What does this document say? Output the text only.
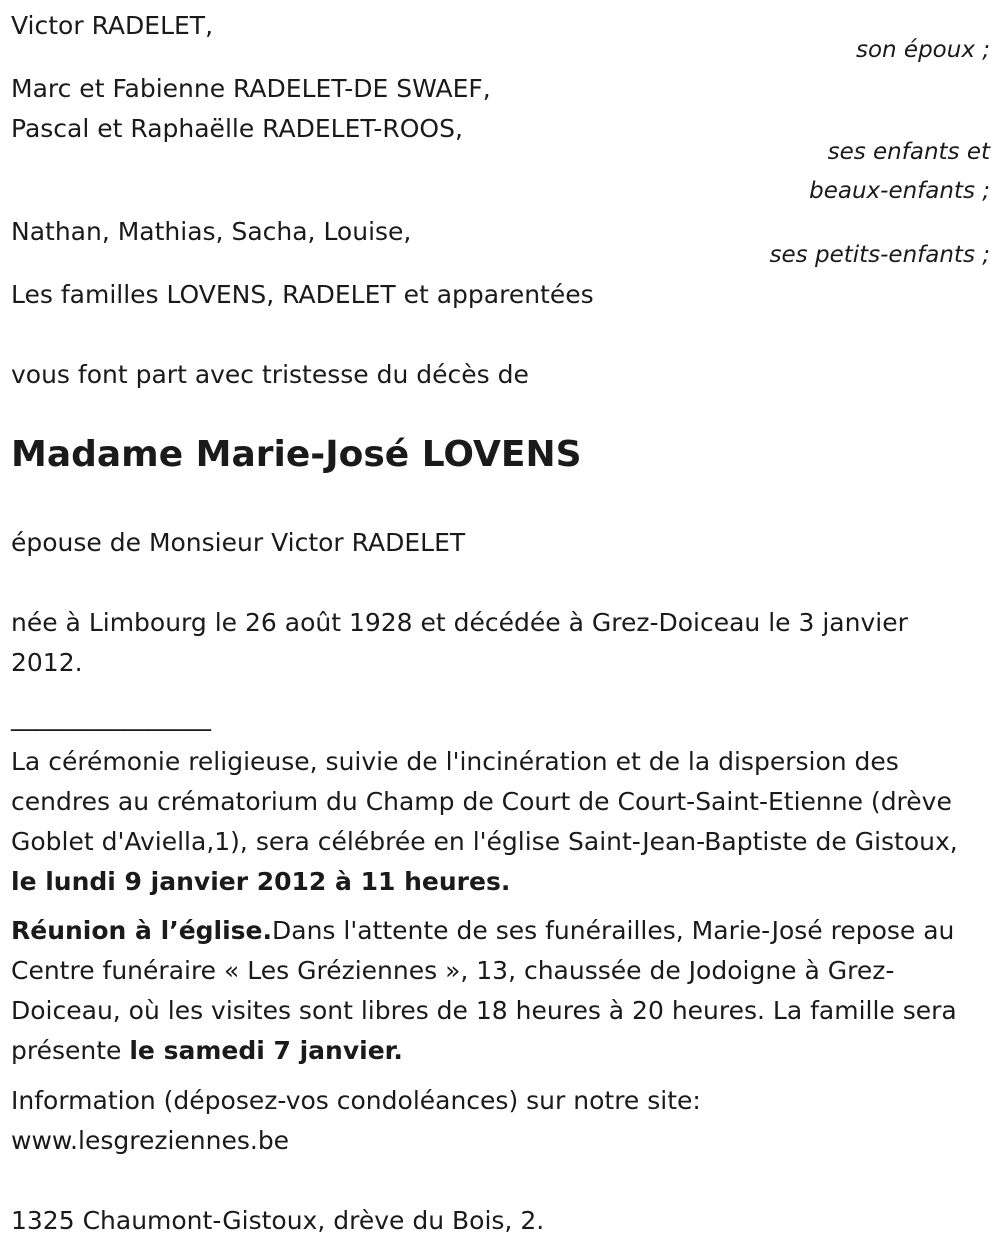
Victor RADELET,
son époux ;
Marc et Fabienne RADELET-DE SWAEF,
Pascal et Raphaëlle RADELET-ROOS,
ses enfants et
beaux-enfants ;
Nathan, Mathias, Sacha, Louise,
ses petits-enfants ;
Les familles LOVENS, RADELET et apparentées
vous font part avec tristesse du décès de
Madame Marie-José LOVENS
épouse de Monsieur Victor RADELET
née à Limbourg le 26 août 1928 et décédée à Grez-Doiceau le 3 janvier
2012.
________________
La cérémonie religieuse, suivie de l'incinération et de la dispersion des cendres au crématorium du Champ de Court de Court-Saint-Etienne (drève Goblet d'Aviella,1), sera célébrée en l'église Saint-Jean-Baptiste de Gistoux, le lundi 9 janvier 2012 à 11 heures.
Réunion à l’église.Dans l'attente de ses funérailles, Marie-José repose au Centre funéraire « Les Gréziennes », 13, chaussée de Jodoigne à Grez-Doiceau, où les visites sont libres de 18 heures à 20 heures. La famille sera présente le samedi 7 janvier.
Information (déposez-vos condoléances) sur notre site:
www.lesgreziennes.be
1325 Chaumont-Gistoux, drève du Bois, 2.
